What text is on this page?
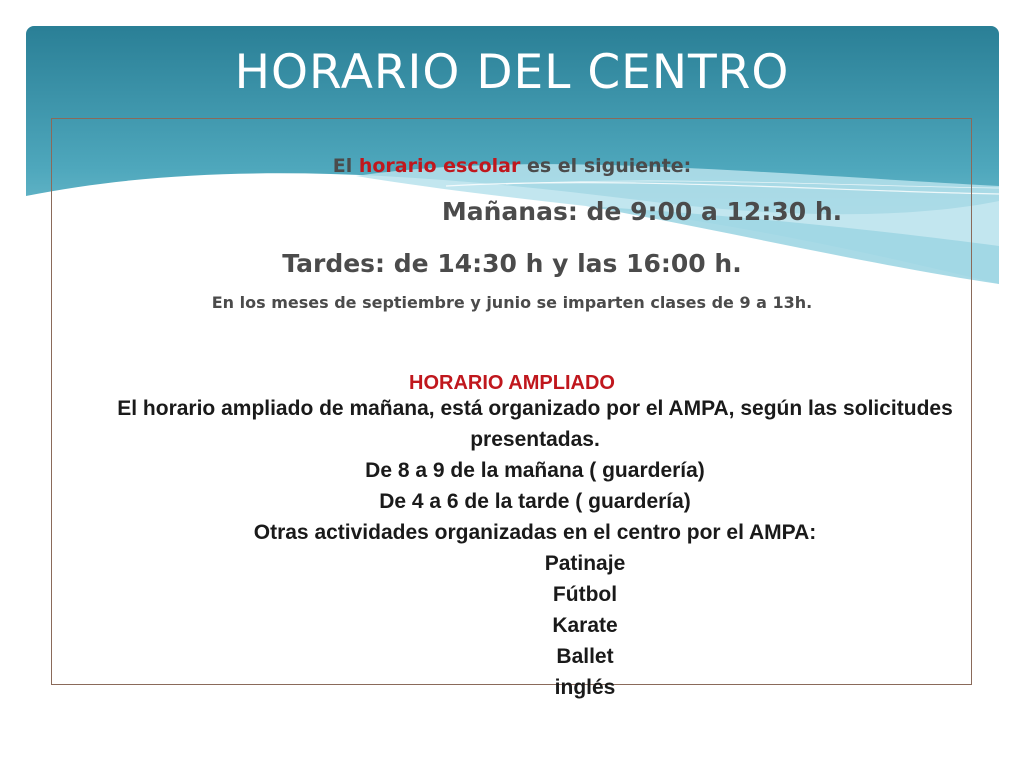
HORARIO DEL CENTRO
El horario escolar es el siguiente:
Mañanas: de 9:00 a 12:30 h.
Tardes: de 14:30 h y las 16:00 h.
En los meses de septiembre y junio se imparten clases de 9 a 13h.
HORARIO AMPLIADO
El horario ampliado de mañana, está organizado por el AMPA, según las solicitudes presentadas.
De 8 a 9 de la mañana ( guardería)
De 4 a 6 de la tarde ( guardería)
Otras actividades organizadas en el centro por el AMPA:
Patinaje
Fútbol
Karate
Ballet
inglés
